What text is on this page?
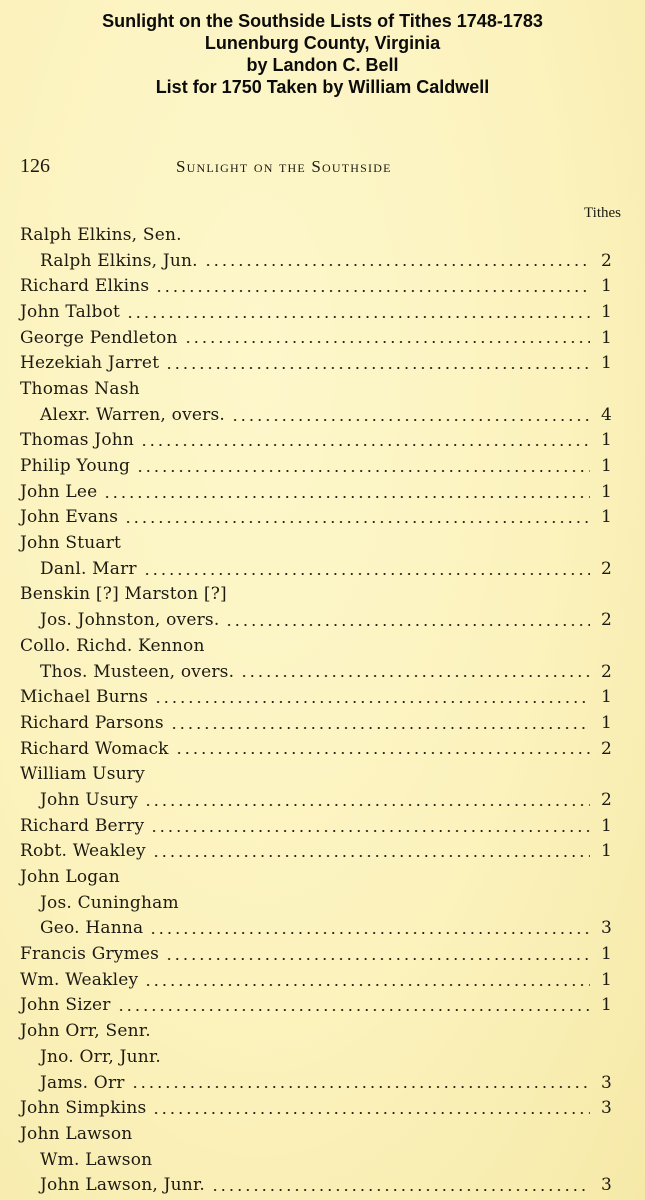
Sunlight on the Southside Lists of Tithes 1748-1783
Lunenburg County, Virginia
by Landon C. Bell
List for 1750 Taken by William Caldwell
126	Sunlight on the Southside
Tithes
Ralph Elkins, Sen.
Ralph Elkins, Jun.	2
Richard Elkins	1
John Talbot	1
George Pendleton	1
Hezekiah Jarret	1
Thomas Nash
Alexr. Warren, overs.	4
Thomas John	1
Philip Young	1
John Lee	1
John Evans	1
John Stuart
Danl. Marr	2
Benskin [?] Marston [?]
Jos. Johnston, overs.	2
Collo. Richd. Kennon
Thos. Musteen, overs.	2
Michael Burns	1
Richard Parsons	1
Richard Womack	2
William Usury
John Usury	2
Richard Berry	1
Robt. Weakley	1
John Logan
Jos. Cuningham
Geo. Hanna	3
Francis Grymes	1
Wm. Weakley	1
John Sizer	1
John Orr, Senr.
Jno. Orr, Junr.
Jams. Orr	3
John Simpkins	3
John Lawson
Wm. Lawson
John Lawson, Junr.	3
